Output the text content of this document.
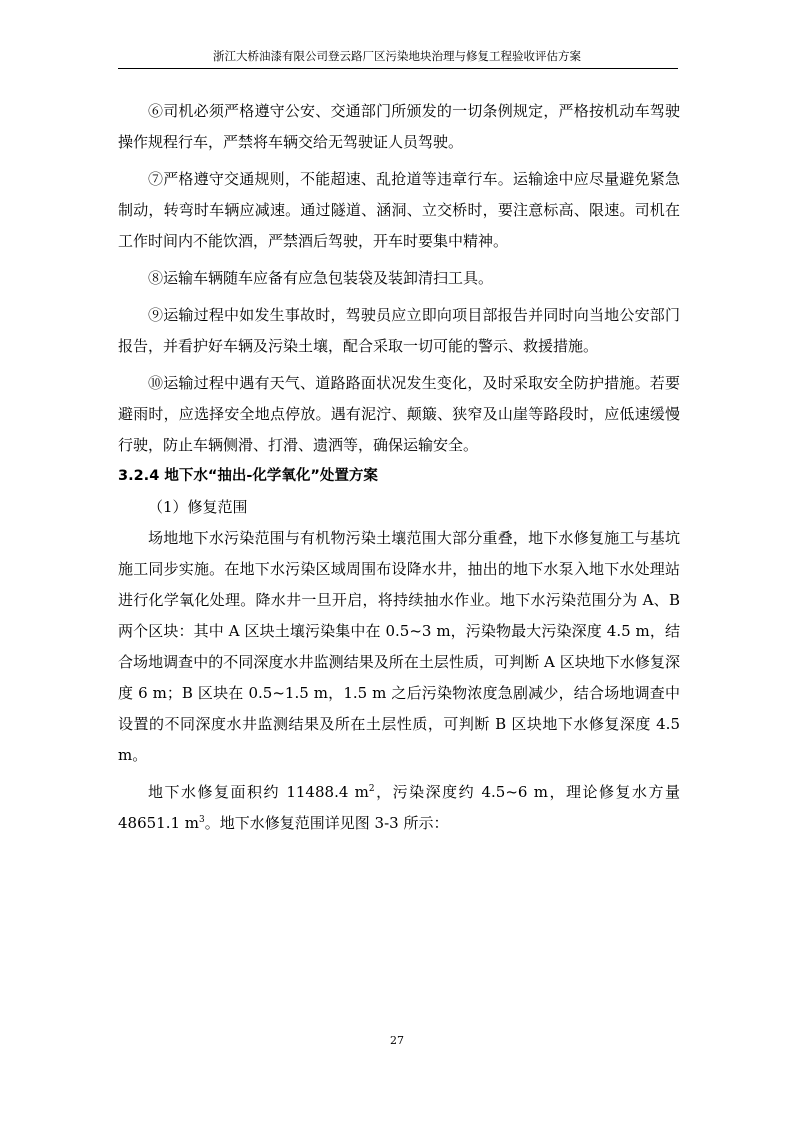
浙江大桥油漆有限公司登云路厂区污染地块治理与修复工程验收评估方案

⑥司机必须严格遵守公安、交通部门所颁发的一切条例规定，严格按机动车驾驶操作规程行车，严禁将车辆交给无驾驶证人员驾驶。

⑦严格遵守交通规则，不能超速、乱抢道等违章行车。运输途中应尽量避免紧急制动，转弯时车辆应减速。通过隧道、涵洞、立交桥时，要注意标高、限速。司机在工作时间内不能饮酒，严禁酒后驾驶，开车时要集中精神。

⑧运输车辆随车应备有应急包装袋及装卸清扫工具。

⑨运输过程中如发生事故时，驾驶员应立即向项目部报告并同时向当地公安部门报告，并看护好车辆及污染土壤，配合采取一切可能的警示、救援措施。

⑩运输过程中遇有天气、道路路面状况发生变化，及时采取安全防护措施。若要避雨时，应选择安全地点停放。遇有泥泞、颠簸、狭窄及山崖等路段时，应低速缓慢行驶，防止车辆侧滑、打滑、遗洒等，确保运输安全。

3.2.4 地下水“抽出-化学氧化”处置方案

（1）修复范围

场地地下水污染范围与有机物污染土壤范围大部分重叠，地下水修复施工与基坑施工同步实施。在地下水污染区域周围布设降水井，抽出的地下水泵入地下水处理站进行化学氧化处理。降水井一旦开启，将持续抽水作业。地下水污染范围分为 A、B 两个区块：其中 A 区块土壤污染集中在 0.5~3 m，污染物最大污染深度 4.5 m，结合场地调查中的不同深度水井监测结果及所在土层性质，可判断 A 区块地下水修复深度 6 m；B 区块在 0.5~1.5 m，1.5 m 之后污染物浓度急剧减少，结合场地调查中设置的不同深度水井监测结果及所在土层性质，可判断 B 区块地下水修复深度 4.5 m。

地下水修复面积约 11488.4 $m^2$，污染深度约 4.5~6 m，理论修复水方量 48651.1 $m^3$。地下水修复范围详见图 3-3 所示：

27
